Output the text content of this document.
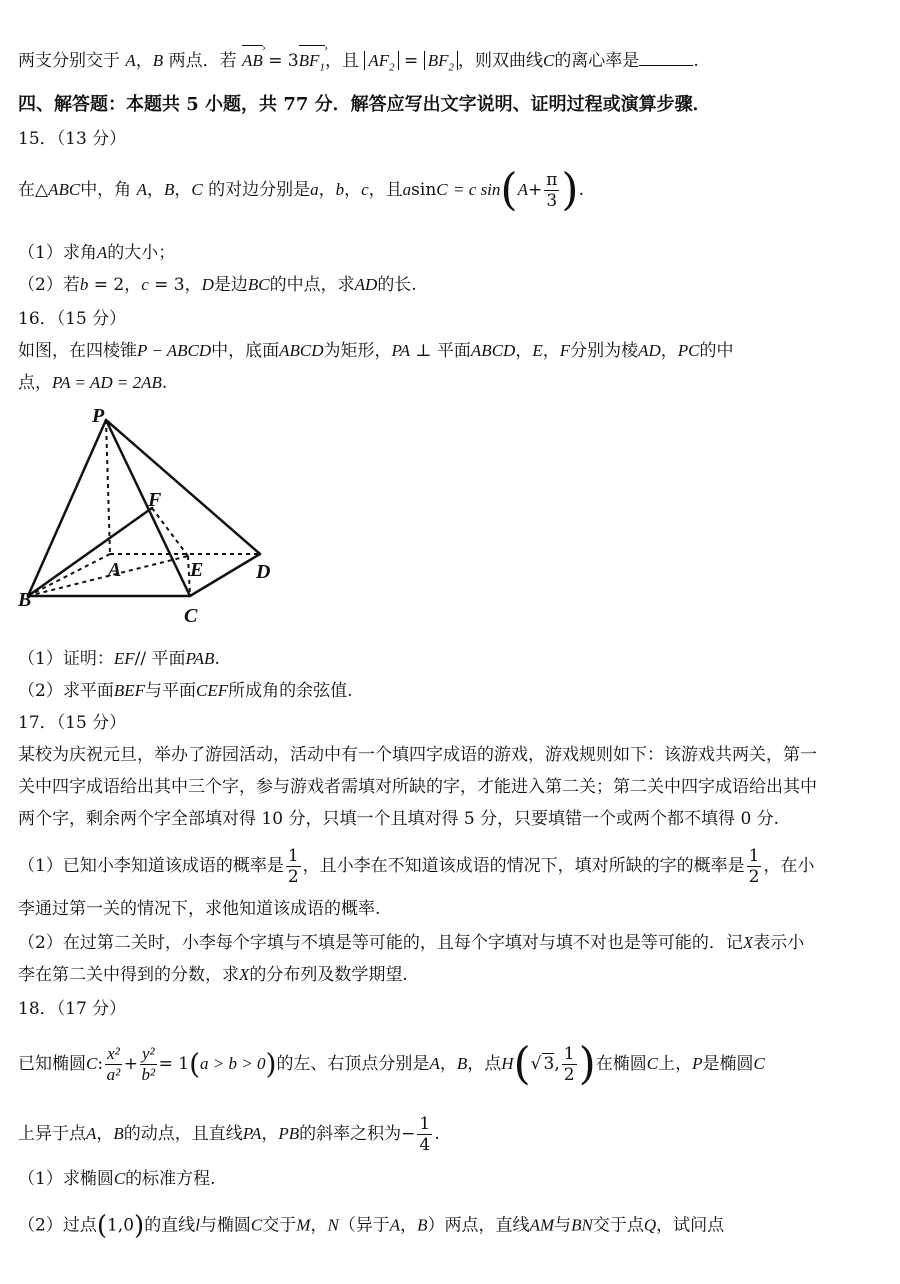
两支分别交于 A，B 两点．若 AB › = $3BF_1$ ›，且 $AF_2 = BF_2$ ，则双曲线C的离心率是	.
四、解答题：本题共 5 小题，共 77 分．解答应写出文字说明、证明过程或演算步骤．
15．（13 分）
在△ABC中，角 A，B，C 的对边分别是a，b，c，且asinC = c $\sin(A+ \frac{\pi}{3}$ ).
（1）求角A的大小；
（2）若b = 2，c = 3，D是边BC的中点，求AD的长.
16．（15 分）
如图，在四棱锥P − ABCD中，底面ABCD为矩形，PA ⊥ 平面ABCD，E，F分别为棱AD，PC的中
点，PA = AD = 2AB.
P
F
A	E	D
B
C
（1）证明：EF// 平面PAB.
（2）求平面BEF与平面CEF所成角的余弦值.
17．（15 分）
某校为庆祝元旦，举办了游园活动，活动中有一个填四字成语的游戏，游戏规则如下：该游戏共两关，第一
关中四字成语给出其中三个字，参与游戏者需填对所缺的字，才能进入第二关；第二关中四字成语给出其中
两个字，剩余两个字全部填对得 10 分，只填一个且填对得 5 分，只要填错一个或两个都不填得 0 分.
（1）已知小李知道该成语的概率是 $\frac{1}{2}$ ，且小李在不知道该成语的情况下，填对所缺的字的概率是 $\frac{1}{2}$ ，在小
李通过第一关的情况下，求他知道该成语的概率.
（2）在过第二关时，小李每个字填与不填是等可能的，且每个字填对与填不对也是等可能的．记X表示小
李在第二关中得到的分数，求X的分布列及数学期望.
18．（17 分）
已知椭圆C: $\frac{\text{x²}}{\text{a²}} + \frac{\text{y²}}{\text{b²}} = 1(a > b > 0)$的左、右顶点分别是A，B，点H(√ 3, $\frac{1}{2}$ )在椭圆C上，P是椭圆C
上异于点A，B的动点，且直线PA，PB的斜率之积为− $\frac{1}{4}$ .
（1）求椭圆C的标准方程.
（2）过点(1,0)的直线l与椭圆C交于M，N（异于A，B）两点，直线AM与BN交于点Q，试问点
